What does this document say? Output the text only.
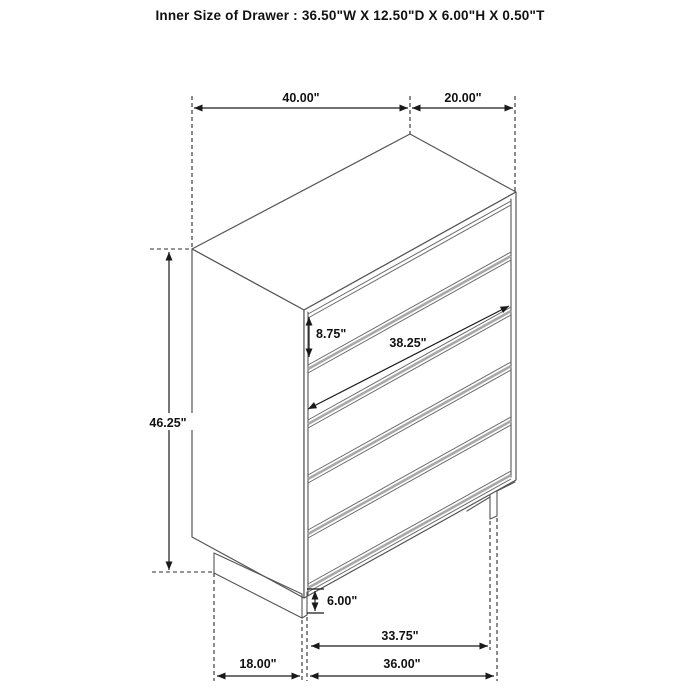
Inner Size of Drawer : 36.50"W X 12.50"D X 6.00"H X 0.50"T
40.00"	20.00"
46.25"
8.75"
38.25"
6.00"
33.75"
18.00"	36.00"
